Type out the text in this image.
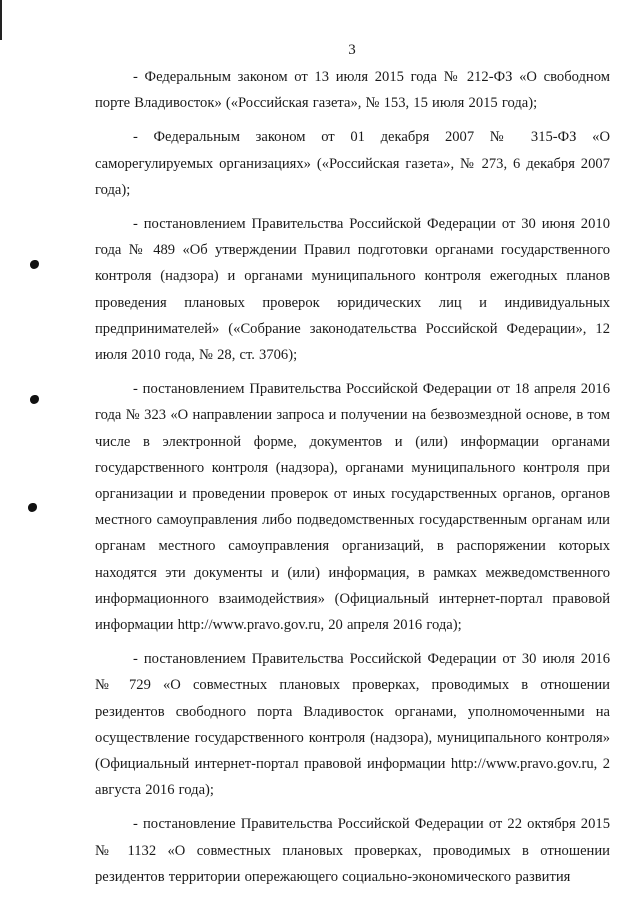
3

- Федеральным законом от 13 июля 2015 года № 212-ФЗ «О свободном порте Владивосток» («Российская газета», № 153, 15 июля 2015 года);

- Федеральным законом от 01 декабря 2007 № 315-ФЗ «О саморегулируемых организациях» («Российская газета», № 273, 6 декабря 2007 года);

- постановлением Правительства Российской Федерации от 30 июня 2010 года № 489 «Об утверждении Правил подготовки органами государственного контроля (надзора) и органами муниципального контроля ежегодных планов проведения плановых проверок юридических лиц и индивидуальных предпринимателей» («Собрание законодательства Российской Федерации», 12 июля 2010 года, № 28, ст. 3706);

- постановлением Правительства Российской Федерации от 18 апреля 2016 года № 323 «О направлении запроса и получении на безвозмездной основе, в том числе в электронной форме, документов и (или) информации органами государственного контроля (надзора), органами муниципального контроля при организации и проведении проверок от иных государственных органов, органов местного самоуправления либо подведомственных государственным органам или органам местного самоуправления организаций, в распоряжении которых находятся эти документы и (или) информация, в рамках межведомственного информационного взаимодействия» (Официальный интернет-портал правовой информации http://www.pravo.gov.ru, 20 апреля 2016 года);

- постановлением Правительства Российской Федерации от 30 июля 2016 № 729 «О совместных плановых проверках, проводимых в отношении резидентов свободного порта Владивосток органами, уполномоченными на осуществление государственного контроля (надзора), муниципального контроля» (Официальный интернет-портал правовой информации http://www.pravo.gov.ru, 2 августа 2016 года);

- постановление Правительства Российской Федерации от 22 октября 2015 № 1132 «О совместных плановых проверках, проводимых в отношении резидентов территории опережающего социально-экономического развития
